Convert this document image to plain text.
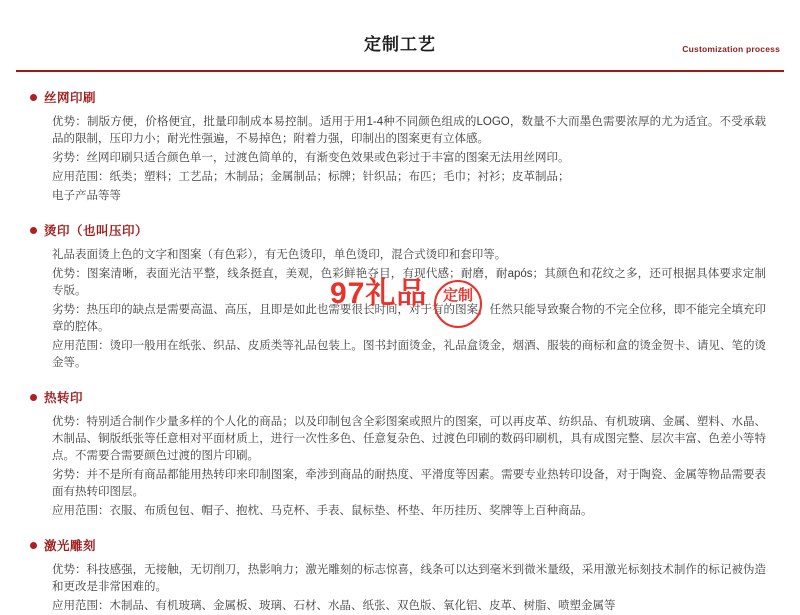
定制工艺	Customization process
丝网印刷

优势：制版方便，价格便宜，批量印制成本易控制。适用于用1-4种不同颜色组成的LOGO，数量不大而墨色需要浓厚的尤为适宜。不受承载品的限制，压印力小；耐光性强遍，不易掉色；附着力强，印制出的图案更有立体感。

劣势：丝网印刷只适合颜色单一，过渡色简单的，有渐变色效果或色彩过于丰富的图案无法用丝网印。

应用范围：纸类；塑料；工艺品；木制品；金属制品；标牌；针织品；布匹；毛巾；衬衫；皮革制品；

电子产品等等

烫印（也叫压印）

礼品表面烫上色的文字和图案（有色彩），有无色烫印，单色烫印，混合式烫印和套印等。

优势：图案清晰，表面光洁平整，线条挺直，美观，色彩鲜艳夺目，有现代感；耐磨，耐após；其颜色和花纹之多，还可根据具体要求定制专版。

劣势：热压印的缺点是需要高温、高压，且即是如此也需要很长时间，对于有的图案，任然只能导致聚合物的不完全位移，即不能完全填充印章的腔体。

应用范围：烫印一般用在纸张、织品、皮质类等礼品包装上。图书封面烫金，礼品盒烫金，烟酒、服装的商标和盒的烫金贺卡、请见、笔的烫金等。

热转印

优势：特别适合制作少量多样的个人化的商品；以及印制包含全彩图案或照片的图案，可以再皮革、纺织品、有机玻璃、金属、塑料、水晶、木制品、铜版纸张等任意相对平面材质上，进行一次性多色、任意复杂色、过渡色印刷的数码印刷机，具有成图完整、层次丰富、色差小等特点。不需要合需要颜色过渡的图片印刷。

劣势：并不是所有商品都能用热转印来印制图案，牵涉到商品的耐热度、平滑度等因素。需要专业热转印设备，对于陶瓷、金属等物品需要表面有热转印图层。

应用范围：衣服、布质包包、帽子、抱枕、马克杯、手表、鼠标垫、杯垫、年历挂历、奖牌等上百种商品。

激光雕刻

优势：科技感强，无接触，无切削刀，热影响力；激光雕刻的标志惊喜，线条可以达到毫米到微米量级，采用激光标刻技术制作的标记被伪造和更改是非常困难的。

应用范围：木制品、有机玻璃、金属板、玻璃、石材、水晶、纸张、双色版、氧化铝、皮革、树脂、喷塑金属等

97礼品	定制
